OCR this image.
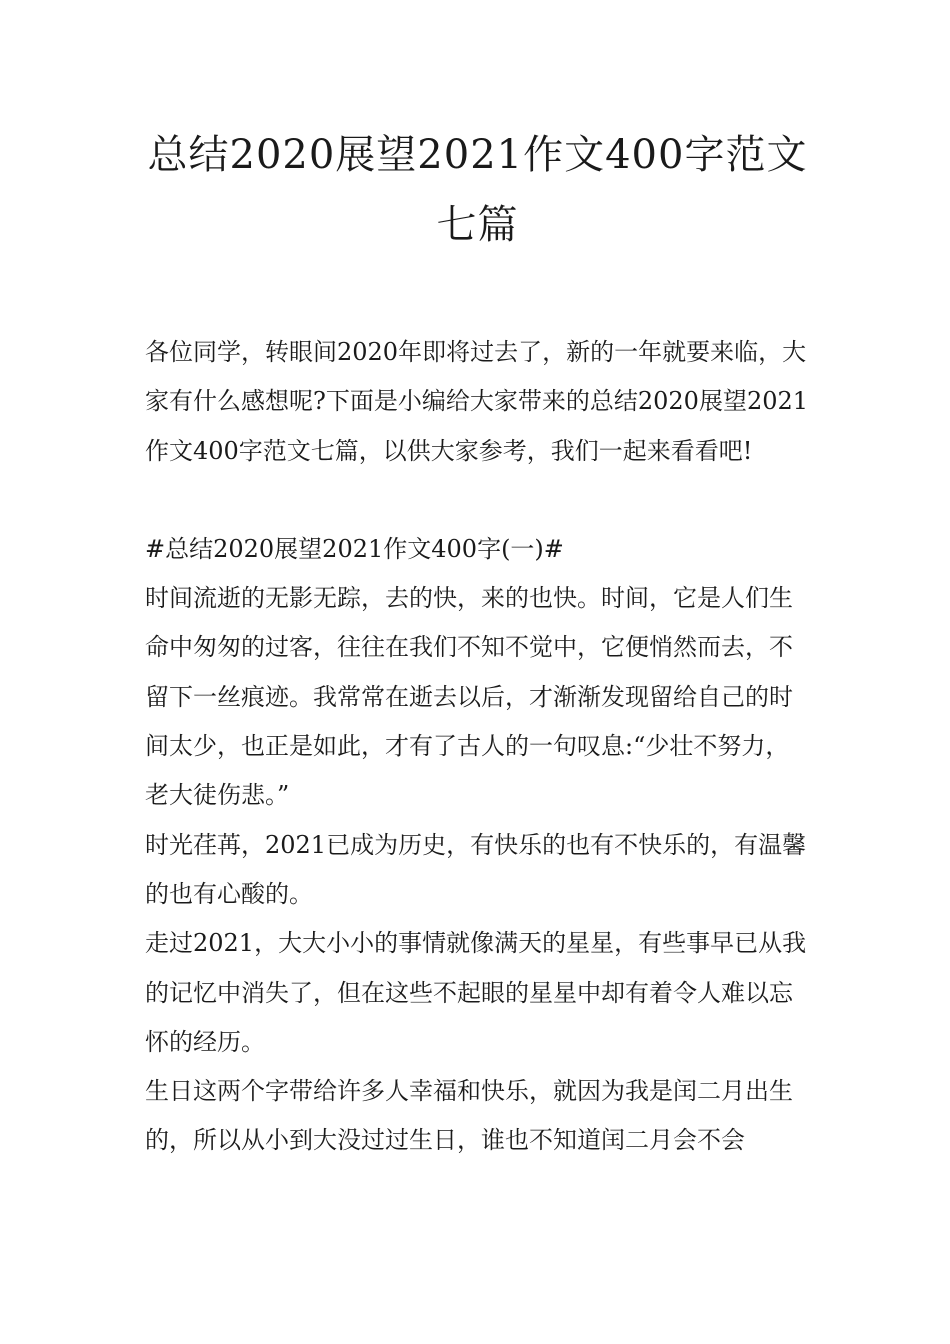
总结2020展望2021作文400字范文
七篇

各位同学，转眼间2020年即将过去了，新的一年就要来临，大家有什么感想呢?下面是小编给大家带来的总结2020展望2021作文400字范文七篇，以供大家参考，我们一起来看看吧!

#总结2020展望2021作文400字(一)#

时间流逝的无影无踪，去的快，来的也快。时间，它是人们生命中匆匆的过客，往往在我们不知不觉中，它便悄然而去，不留下一丝痕迹。我常常在逝去以后，才渐渐发现留给自己的时间太少，也正是如此，才有了古人的一句叹息:“少壮不努力，老大徒伤悲。”

时光荏苒，2021已成为历史，有快乐的也有不快乐的，有温馨的也有心酸的。

走过2021，大大小小的事情就像满天的星星，有些事早已从我的记忆中消失了，但在这些不起眼的星星中却有着令人难以忘怀的经历。

生日这两个字带给许多人幸福和快乐，就因为我是闰二月出生的，所以从小到大没过过生日，谁也不知道闰二月会不会
